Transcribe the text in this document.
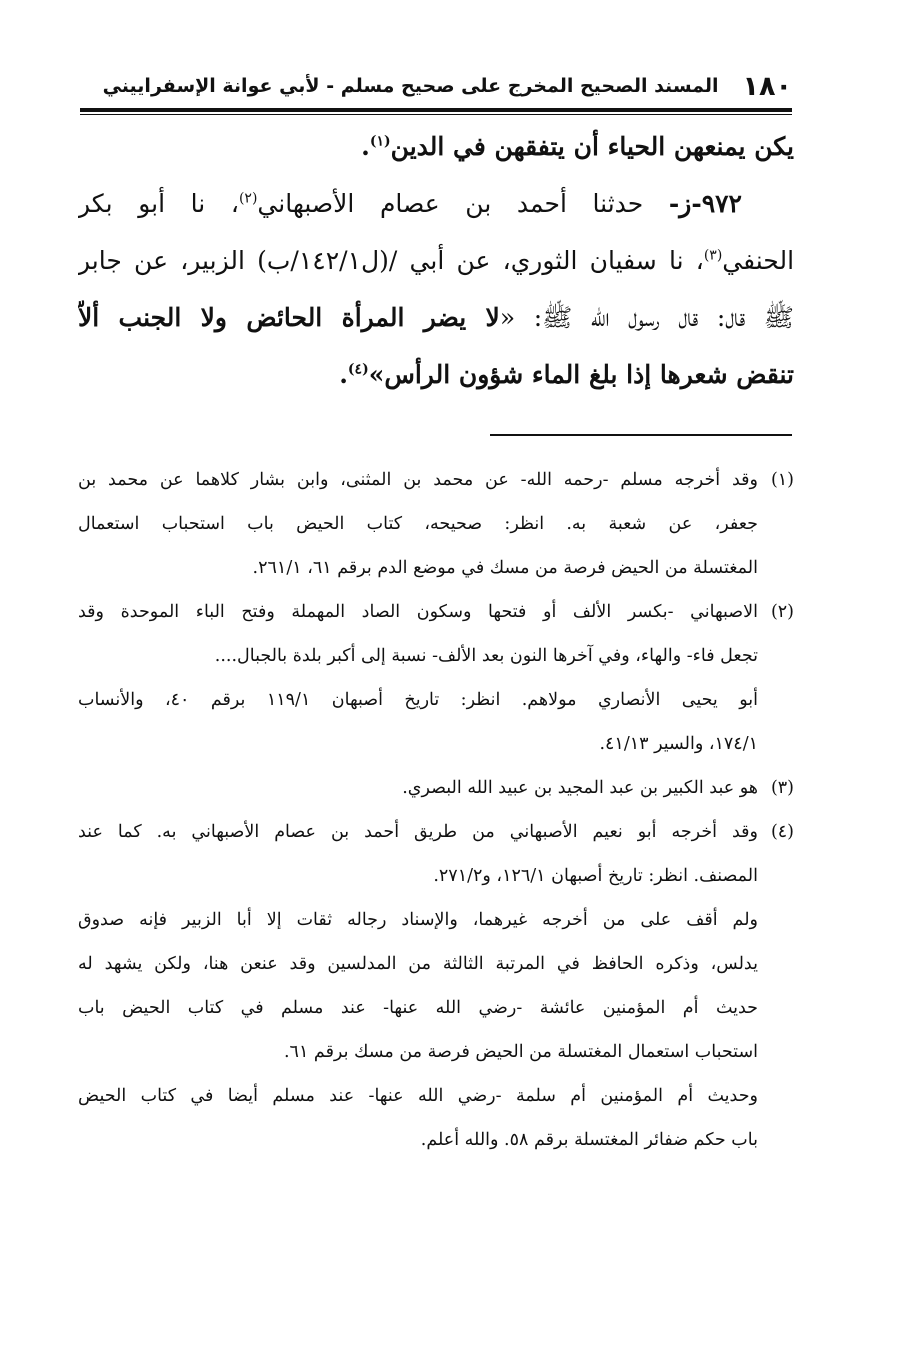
١٨٠
المسند الصحيح المخرج على صحيح مسلم - لأبي عوانة الإسفراييني
يكن يمنعهن الحياء أن يتفقهن في الدين$^{(١)}$.
٩٧٢-ز- حدثنا أحمد بن عصام الأصبهاني$^{(٢)}$، نا أبو بكر
الحنفي$^{(٣)}$، نا سفيان الثوري، عن أبي /(ل١٤٢/١/ب) الزبير، عن جابر
ﷺ قال: قال رسول الله ﷺ: «لا يضر المرأة الحائض ولا الجنب ألاّ
تنقض شعرها إذا بلغ الماء شؤون الرأس»$^{(٤)}$.
(١)وقد أخرجه مسلم -رحمه الله- عن محمد بن المثنى، وابن بشار كلاهما عن محمد بن
جعفر، عن شعبة به. انظر: صحيحه، كتاب الحيض باب استحباب استعمال
المغتسلة من الحيض فرصة من مسك في موضع الدم برقم ٦١، ٢٦١/١.
(٢)الاصبهاني -بكسر الألف أو فتحها وسكون الصاد المهملة وفتح الباء الموحدة وقد
تجعل فاء- والهاء، وفي آخرها النون بعد الألف- نسبة إلى أكبر بلدة بالجبال....
أبو يحيى الأنصاري مولاهم. انظر: تاريخ أصبهان ١١٩/١ برقم ٤٠، والأنساب
١٧٤/١، والسير ٤١/١٣.
(٣)هو عبد الكبير بن عبد المجيد بن عبيد الله البصري.
(٤)وقد أخرجه أبو نعيم الأصبهاني من طريق أحمد بن عصام الأصبهاني به. كما عند
المصنف. انظر: تاريخ أصبهان ١٢٦/١، و٢٧١/٢.
ولم أقف على من أخرجه غيرهما، والإسناد رجاله ثقات إلا أبا الزبير فإنه صدوق
يدلس، وذكره الحافظ في المرتبة الثالثة من المدلسين وقد عنعن هنا، ولكن يشهد له
حديث أم المؤمنين عائشة -رضي الله عنها- عند مسلم في كتاب الحيض باب
استحباب استعمال المغتسلة من الحيض فرصة من مسك برقم ٦١.
وحديث أم المؤمنين أم سلمة -رضي الله عنها- عند مسلم أيضا في كتاب الحيض
باب حكم ضفائر المغتسلة برقم ٥٨. والله أعلم.
